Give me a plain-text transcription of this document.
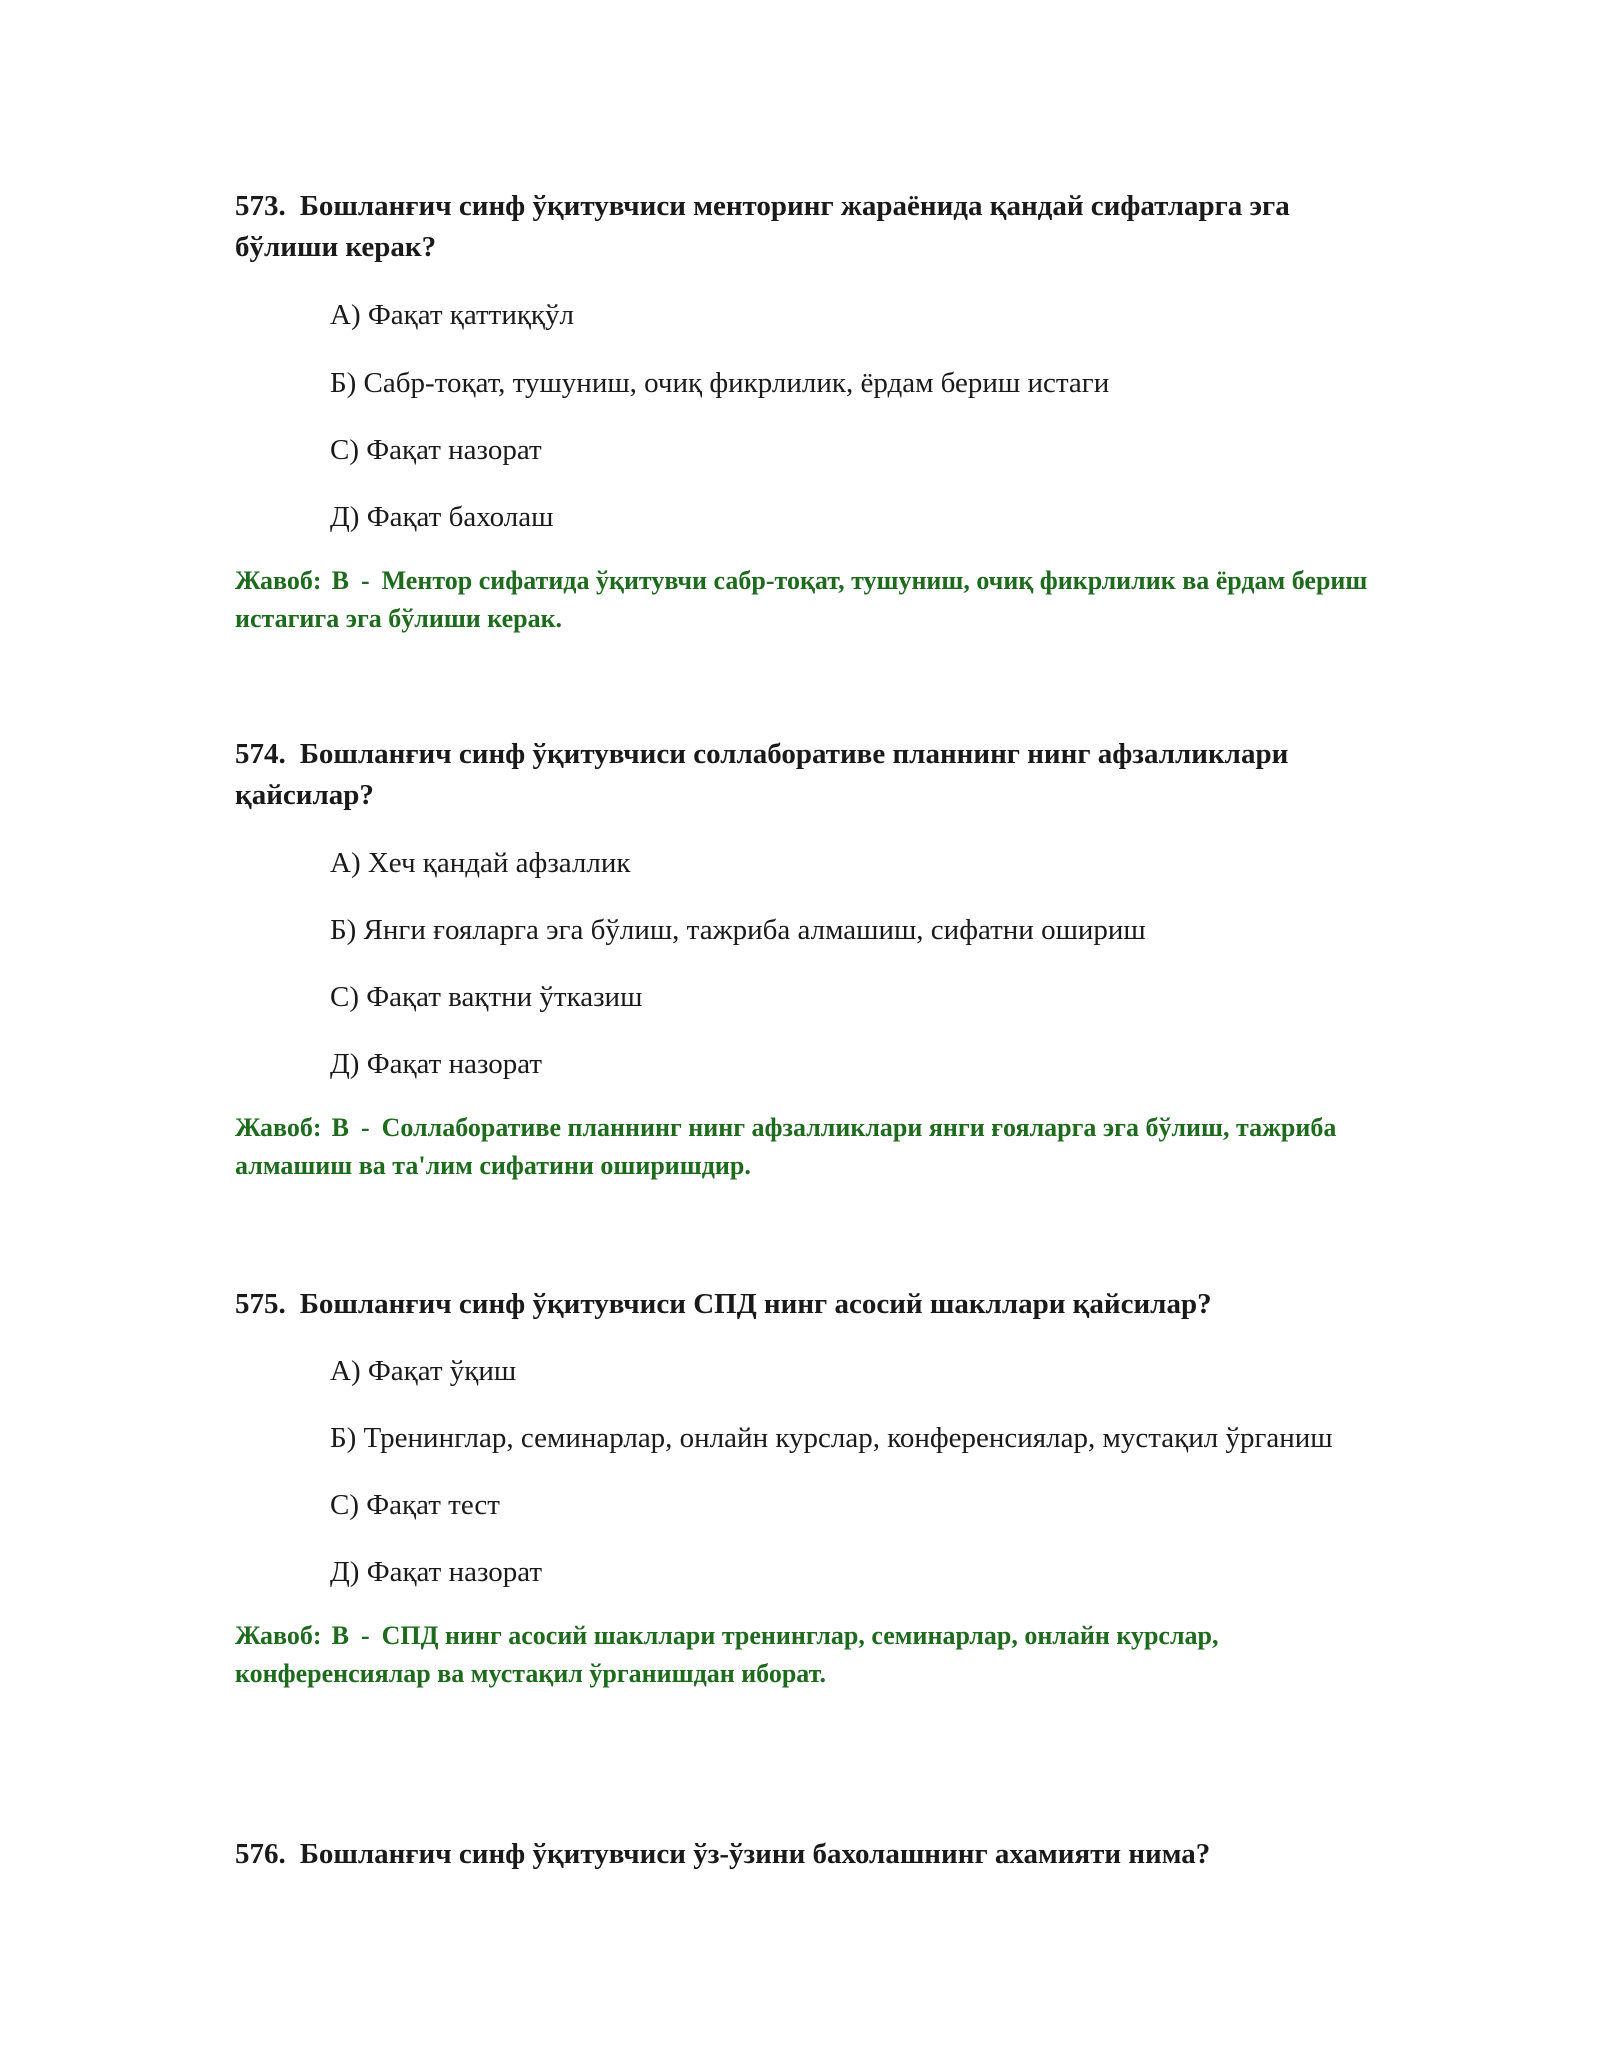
573. Бошланғич синф ўқитувчиси менторинг жараёнида қандай сифатларга эга бўлиши керак?

А) Фақат қаттиққўл

Б) Сабр-тоқат, тушуниш, очиқ фикрлилик, ёрдам бериш истаги

С) Фақат назорат

Д) Фақат бахолаш

Жавоб: B - Ментор сифатида ўқитувчи сабр-тоқат, тушуниш, очиқ фикрлилик ва ёрдам бериш истагига эга бўлиши керак.

574. Бошланғич синф ўқитувчиси соллаборативе планнинг нинг афзалликлари қайсилар?

А) Хеч қандай афзаллик

Б) Янги ғояларга эга бўлиш, тажриба алмашиш, сифатни ошириш

С) Фақат вақтни ўтказиш

Д) Фақат назорат

Жавоб: B - Соллаборативе планнинг нинг афзалликлари янги ғояларга эга бўлиш, тажриба алмашиш ва та'лим сифатини оширишдир.

575. Бошланғич синф ўқитувчиси СПД нинг асосий шакллари қайсилар?

А) Фақат ўқиш

Б) Тренинглар, семинарлар, онлайн курслар, конференсиялар, мустақил ўрганиш

С) Фақат тест

Д) Фақат назорат

Жавоб: B - СПД нинг асосий шакллари тренинглар, семинарлар, онлайн курслар, конференсиялар ва мустақил ўрганишдан иборат.

576. Бошланғич синф ўқитувчиси ўз-ўзини бахолашнинг ахамияти нима?
